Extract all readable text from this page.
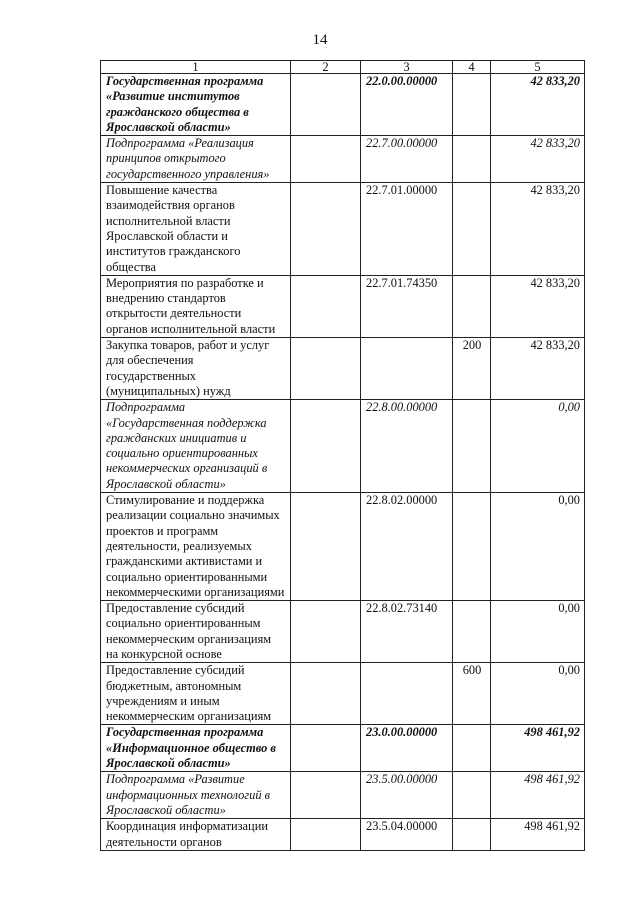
14
1	2	3	4	5
Государственная программа «Развитие институтов гражданского общества в Ярославской области»		22.0.00.00000		42 833,20
Подпрограмма «Реализация принципов открытого государственного управления»		22.7.00.00000		42 833,20
Повышение качества взаимодействия органов исполнительной власти Ярославской области и институтов гражданского общества		22.7.01.00000		42 833,20
Мероприятия по разработке и внедрению стандартов открытости деятельности органов исполнительной власти		22.7.01.74350		42 833,20
Закупка товаров, работ и услуг для обеспечения государственных (муниципальных) нужд			200	42 833,20
Подпрограмма «Государственная поддержка гражданских инициатив и социально ориентированных некоммерческих организаций в Ярославской области»		22.8.00.00000		0,00
Стимулирование и поддержка реализации социально значимых проектов и программ деятельности, реализуемых гражданскими активистами и социально ориентированными некоммерческими организациями		22.8.02.00000		0,00
Предоставление субсидий социально ориентированным некоммерческим организациям на конкурсной основе		22.8.02.73140		0,00
Предоставление субсидий бюджетным, автономным учреждениям и иным некоммерческим организациям			600	0,00
Государственная программа «Информационное общество в Ярославской области»		23.0.00.00000		498 461,92
Подпрограмма «Развитие информационных технологий в Ярославской области»		23.5.00.00000		498 461,92
Координация информатизации деятельности органов		23.5.04.00000		498 461,92
